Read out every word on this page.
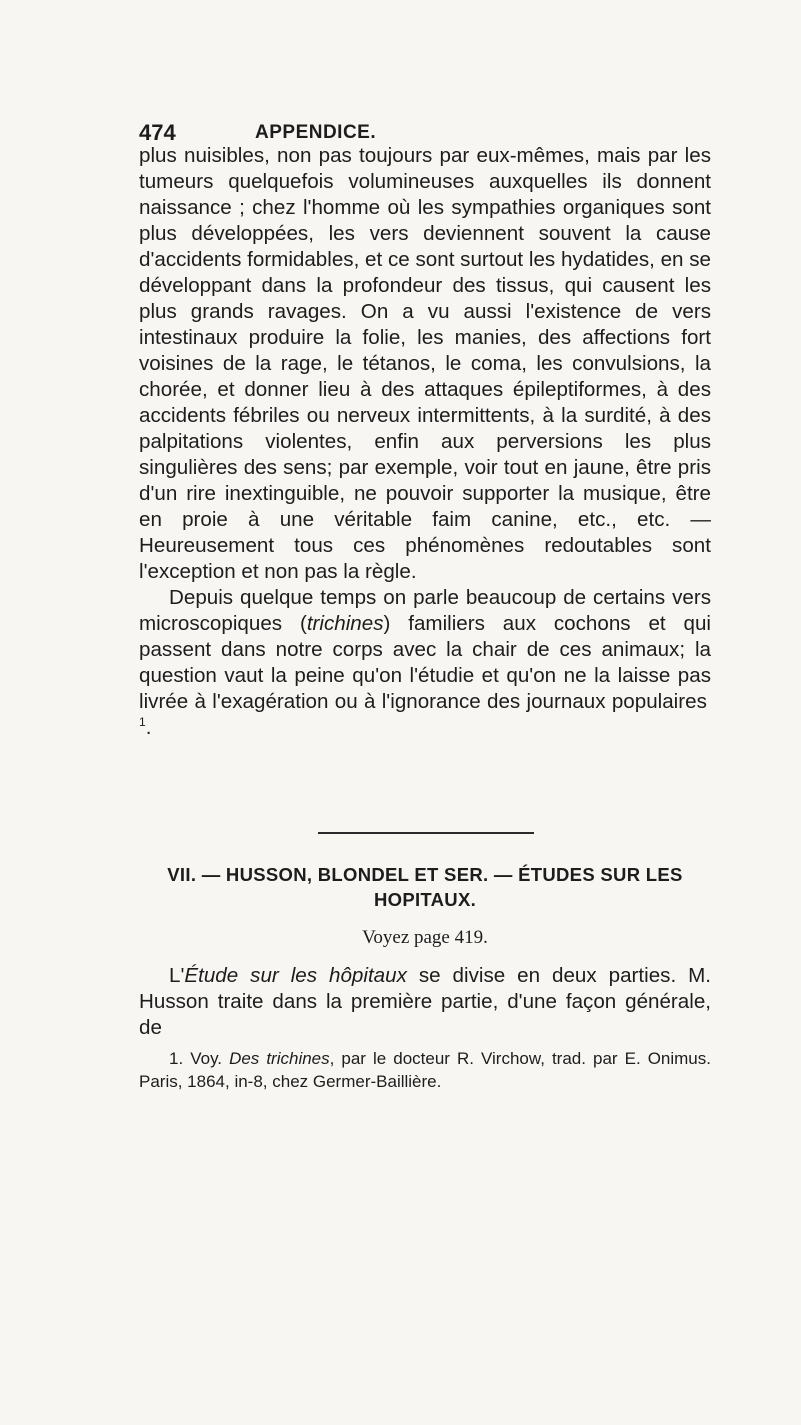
474	APPENDICE.

plus nuisibles, non pas toujours par eux-mêmes, mais par les tumeurs quelquefois volumineuses auxquelles ils donnent naissance ; chez l'homme où les sympathies organiques sont plus développées, les vers deviennent souvent la cause d'accidents formidables, et ce sont surtout les hydatides, en se développant dans la profondeur des tissus, qui causent les plus grands ravages. On a vu aussi l'existence de vers intestinaux produire la folie, les manies, des affections fort voisines de la rage, le tétanos, le coma, les convulsions, la chorée, et donner lieu à des attaques épileptiformes, à des accidents fébriles ou nerveux intermittents, à la surdité, à des palpitations violentes, enfin aux perversions les plus singulières des sens; par exemple, voir tout en jaune, être pris d'un rire inextinguible, ne pouvoir supporter la musique, être en proie à une véritable faim canine, etc., etc. — Heureusement tous ces phénomènes redoutables sont l'exception et non pas la règle.

Depuis quelque temps on parle beaucoup de certains vers microscopiques (trichines) familiers aux cochons et qui passent dans notre corps avec la chair de ces animaux; la question vaut la peine qu'on l'étudie et qu'on ne la laisse pas livrée à l'exagération ou à l'ignorance des journaux populaires $^1$.

VII. — HUSSON, BLONDEL ET SER. — ÉTUDES SUR LES HOPITAUX.
Voyez page 419.

L'Étude sur les hôpitaux se divise en deux parties. M. Husson traite dans la première partie, d'une façon générale, de

1. Voy. Des trichines, par le docteur R. Virchow, trad. par E. Onimus. Paris, 1864, in-8, chez Germer-Baillière.
